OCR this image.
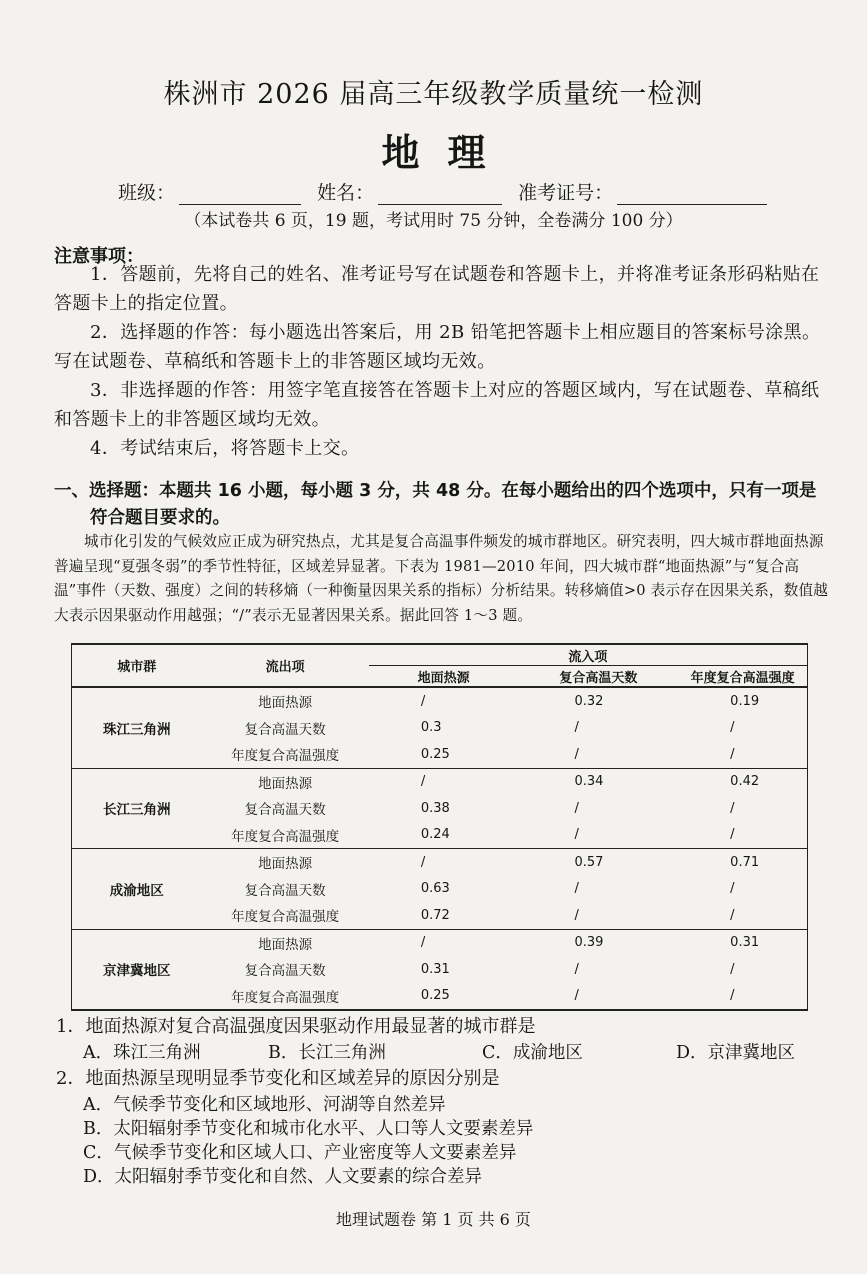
株洲市 2026 届高三年级教学质量统一检测
地理
班级：	姓名：	准考证号：
（本试卷共 6 页，19 题，考试用时 75 分钟，全卷满分 100 分）
注意事项：
1．答题前，先将自己的姓名、准考证号写在试题卷和答题卡上，并将准考证条形码粘贴在答题卡上的指定位置。
2．选择题的作答：每小题选出答案后，用 2B 铅笔把答题卡上相应题目的答案标号涂黑。写在试题卷、草稿纸和答题卡上的非答题区域均无效。
3．非选择题的作答：用签字笔直接答在答题卡上对应的答题区域内，写在试题卷、草稿纸和答题卡上的非答题区域均无效。
4．考试结束后，将答题卡上交。
一、选择题：本题共 16 小题，每小题 3 分，共 48 分。在每小题给出的四个选项中，只有一项是符合题目要求的。
城市化引发的气候效应正成为研究热点，尤其是复合高温事件频发的城市群地区。研究表明，四大城市群地面热源普遍呈现“夏强冬弱”的季节性特征，区域差异显著。下表为 1981—2010 年间，四大城市群“地面热源”与“复合高温”事件（天数、强度）之间的转移熵（一种衡量因果关系的指标）分析结果。转移熵值>0 表示存在因果关系，数值越大表示因果驱动作用越强；“/”表示无显著因果关系。据此回答 1～3 题。
城市群	流出项	流入项		
		地面热源	复合高温天数	年度复合高温强度
珠江三角洲	地面热源	/	0.32	0.19
	复合高温天数	0.3	/	/
	年度复合高温强度	0.25	/	/
长江三角洲	地面热源	/	0.34	0.42
	复合高温天数	0.38	/	/
	年度复合高温强度	0.24	/	/
成渝地区	地面热源	/	0.57	0.71
	复合高温天数	0.63	/	/
	年度复合高温强度	0.72	/	/
京津冀地区	地面热源	/	0.39	0.31
	复合高温天数	0.31	/	/
	年度复合高温强度	0.25	/	/
1．地面热源对复合高温强度因果驱动作用最显著的城市群是
A．珠江三角洲	B．长江三角洲	C．成渝地区	D．京津冀地区
2．地面热源呈现明显季节变化和区域差异的原因分别是
A．气候季节变化和区域地形、河湖等自然差异
B．太阳辐射季节变化和城市化水平、人口等人文要素差异
C．气候季节变化和区域人口、产业密度等人文要素差异
D．太阳辐射季节变化和自然、人文要素的综合差异
地理试题卷 第 1 页 共 6 页
